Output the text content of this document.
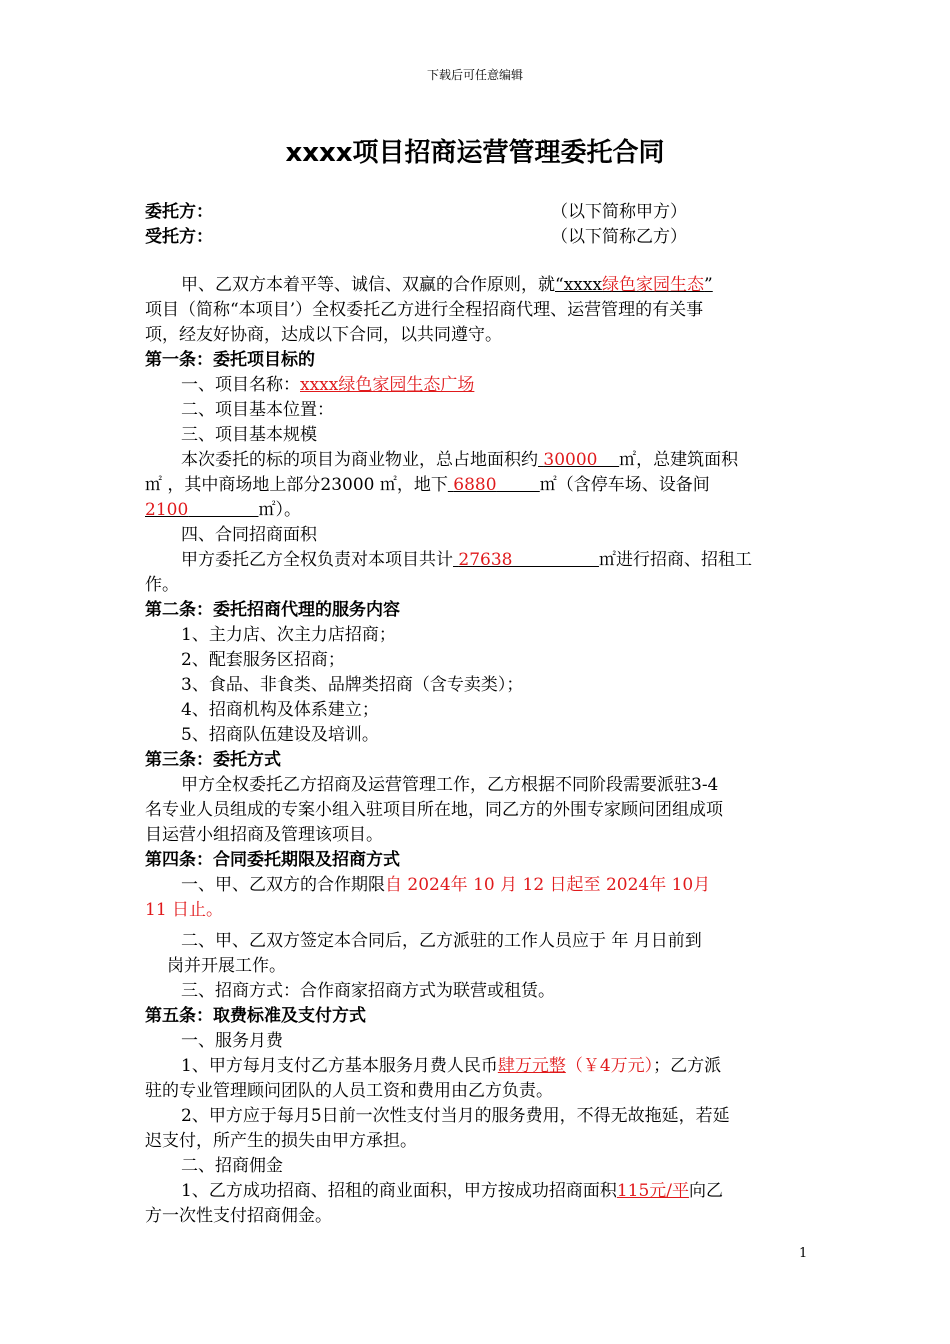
下载后可任意编辑
xxxx项目招商运营管理委托合同
委托方：	（以下简称甲方）
受托方：	（以下简称乙方）
甲、乙双方本着平等、诚信、双赢的合作原则，就“xxxx绿色家园生态”
项目（简称“本项目’）全权委托乙方进行全程招商代理、运营管理的有关事
项，经友好协商，达成以下合同，以共同遵守。
第一条：委托项目标的
一、项目名称：xxxx绿色家园生态广场
二、项目基本位置：
三、项目基本规模
本次委托的标的项目为商业物业，总占地面积约 30000 ㎡，总建筑面积
㎡ ，其中商场地上部分23000 ㎡，地下 6880	㎡（含停车场、设备间
2100	㎡）。
四、合同招商面积
甲方委托乙方全权负责对本项目共计 27638	㎡进行招商、招租工
作。
第二条：委托招商代理的服务内容
1、主力店、次主力店招商；
2、配套服务区招商；
3、食品、非食类、品牌类招商（含专卖类）；
4、招商机构及体系建立；
5、招商队伍建设及培训。
第三条：委托方式
甲方全权委托乙方招商及运营管理工作，乙方根据不同阶段需要派驻3-4
名专业人员组成的专案小组入驻项目所在地，同乙方的外围专家顾问团组成项
目运营小组招商及管理该项目。
第四条：合同委托期限及招商方式
一、甲、乙双方的合作期限自 2024年 10 月 12 日起至 2024年 10月
11 日止。
二、甲、乙双方签定本合同后，乙方派驻的工作人员应于 年 月日前到
岗并开展工作。
三、招商方式：合作商家招商方式为联营或租赁。
第五条：取费标准及支付方式
一、服务月费
1、甲方每月支付乙方基本服务月费人民币肆万元整（￥4万元）；乙方派
驻的专业管理顾问团队的人员工资和费用由乙方负责。
2、甲方应于每月5日前一次性支付当月的服务费用，不得无故拖延，若延
迟支付，所产生的损失由甲方承担。
二、招商佣金
1、乙方成功招商、招租的商业面积，甲方按成功招商面积115元/平向乙
方一次性支付招商佣金。
1
